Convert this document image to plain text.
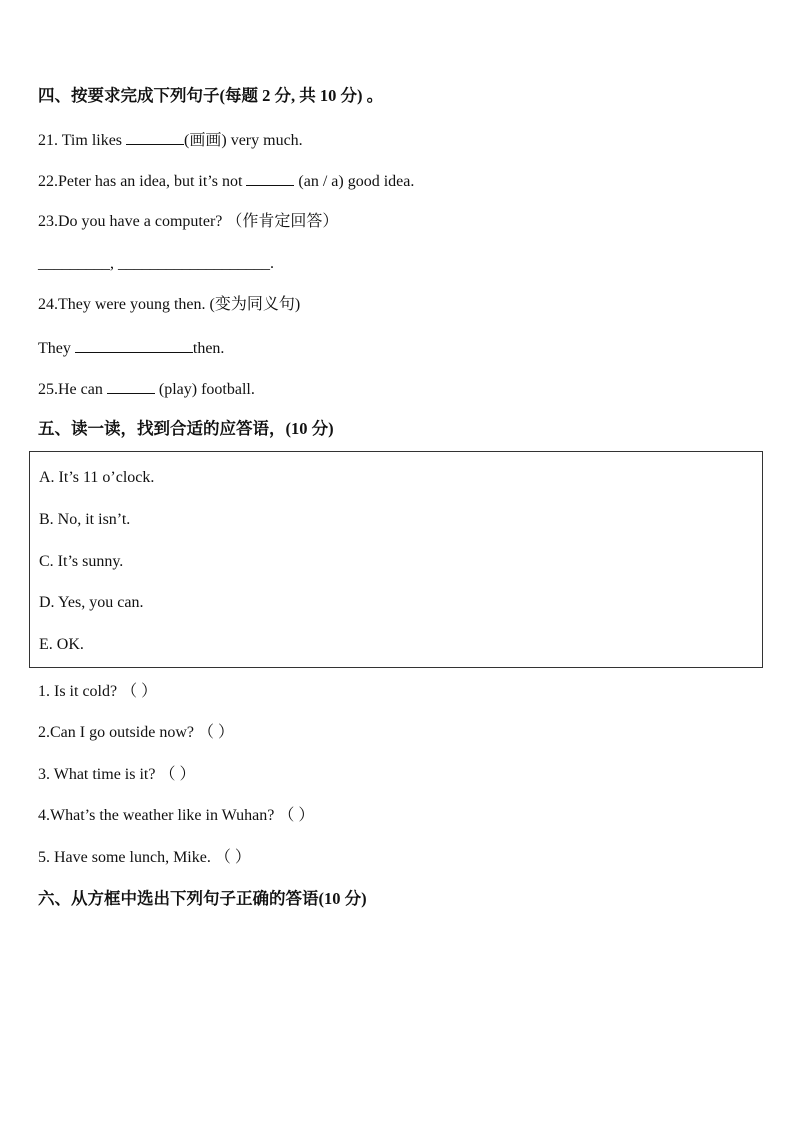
四、按要求完成下列句子(每题 2 分, 共 10 分) 。
21. Tim likes	(画画) very much.
22.Peter has an idea, but it’s not	(an / a) good idea.
23.Do you have a computer? （作肯定回答）
_________, ___________________.
24.They were young then. (变为同义句)
They	then.
25.He can	(play) football.
五、读一读，找到合适的应答语，(10 分)
A. It’s 11 o’clock.
B. No, it isn’t.
C. It’s sunny.
D. Yes, you can.
E. OK.
1. Is it cold? （ ）
2.Can I go outside now? （ ）
3. What time is it? （ ）
4.What’s the weather like in Wuhan? （ ）
5. Have some lunch, Mike. （ ）
六、从方框中选出下列句子正确的答语(10 分)
